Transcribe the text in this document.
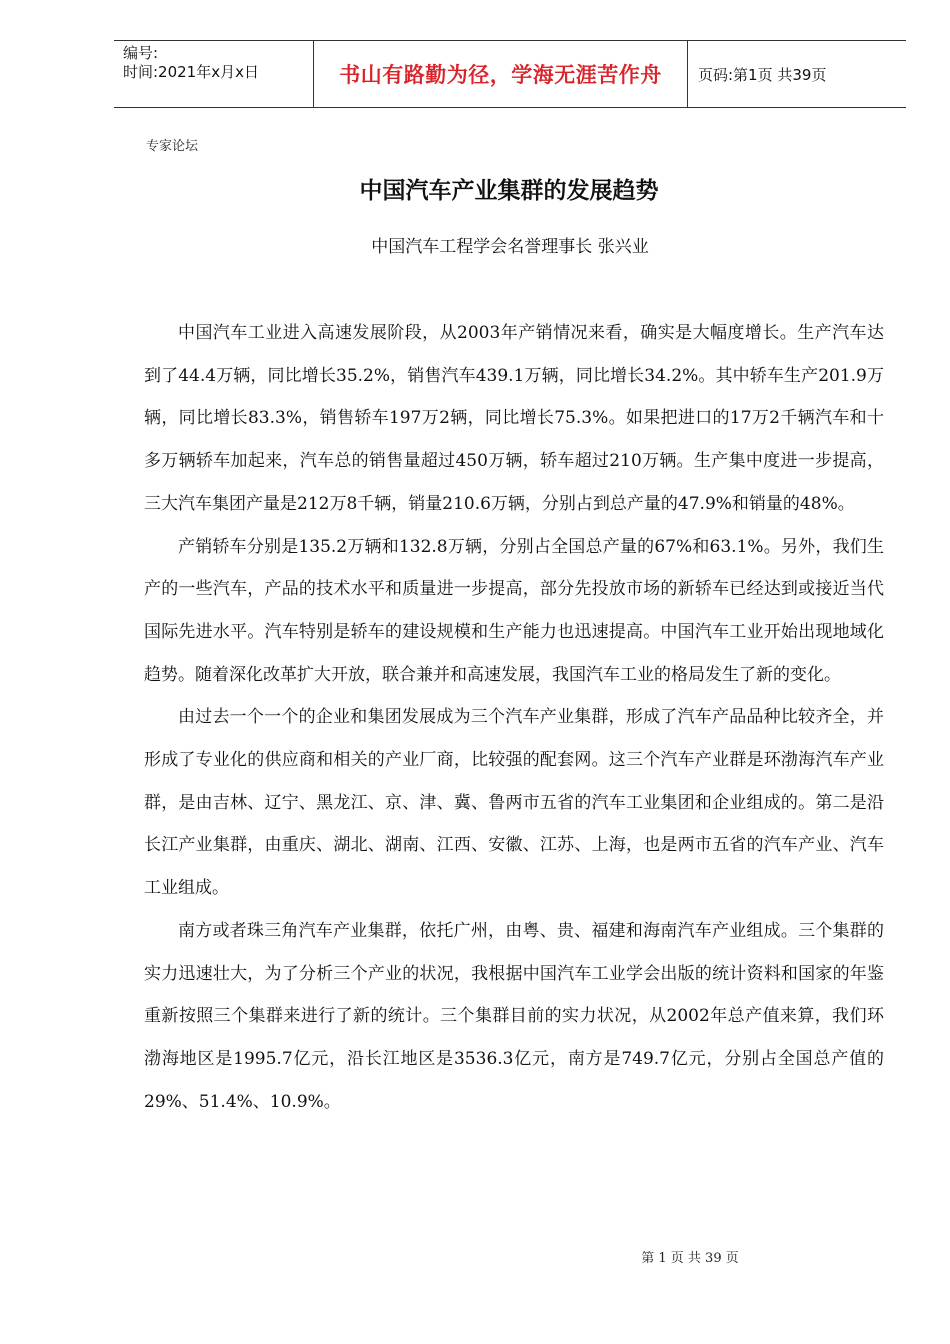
编号:
时间:2021年x月x日	书山有路勤为径，学海无涯苦作舟	页码:第1页 共39页
专家论坛
中国汽车产业集群的发展趋势
中国汽车工程学会名誉理事长 张兴业

中国汽车工业进入高速发展阶段，从2003年产销情况来看，确实是大幅度增长。生产汽车达到了44.4万辆，同比增长35.2%，销售汽车439.1万辆，同比增长34.2%。其中轿车生产201.9万辆，同比增长83.3%，销售轿车197万2辆，同比增长75.3%。如果把进口的17万2千辆汽车和十多万辆轿车加起来，汽车总的销售量超过450万辆，轿车超过210万辆。生产集中度进一步提高，三大汽车集团产量是212万8千辆，销量210.6万辆，分别占到总产量的47.9%和销量的48%。

产销轿车分别是135.2万辆和132.8万辆，分别占全国总产量的67%和63.1%。另外，我们生产的一些汽车，产品的技术水平和质量进一步提高，部分先投放市场的新轿车已经达到或接近当代国际先进水平。汽车特别是轿车的建设规模和生产能力也迅速提高。中国汽车工业开始出现地域化趋势。随着深化改革扩大开放，联合兼并和高速发展，我国汽车工业的格局发生了新的变化。

由过去一个一个的企业和集团发展成为三个汽车产业集群，形成了汽车产品品种比较齐全，并形成了专业化的供应商和相关的产业厂商，比较强的配套网。这三个汽车产业群是环渤海汽车产业群，是由吉林、辽宁、黑龙江、京、津、冀、鲁两市五省的汽车工业集团和企业组成的。第二是沿长江产业集群，由重庆、湖北、湖南、江西、安徽、江苏、上海，也是两市五省的汽车产业、汽车工业组成。

南方或者珠三角汽车产业集群，依托广州，由粤、贵、福建和海南汽车产业组成。三个集群的实力迅速壮大，为了分析三个产业的状况，我根据中国汽车工业学会出版的统计资料和国家的年鉴重新按照三个集群来进行了新的统计。三个集群目前的实力状况，从2002年总产值来算，我们环渤海地区是1995.7亿元，沿长江地区是3536.3亿元，南方是749.7亿元，分别占全国总产值的29%、51.4%、10.9%。

第 1 页 共 39 页
